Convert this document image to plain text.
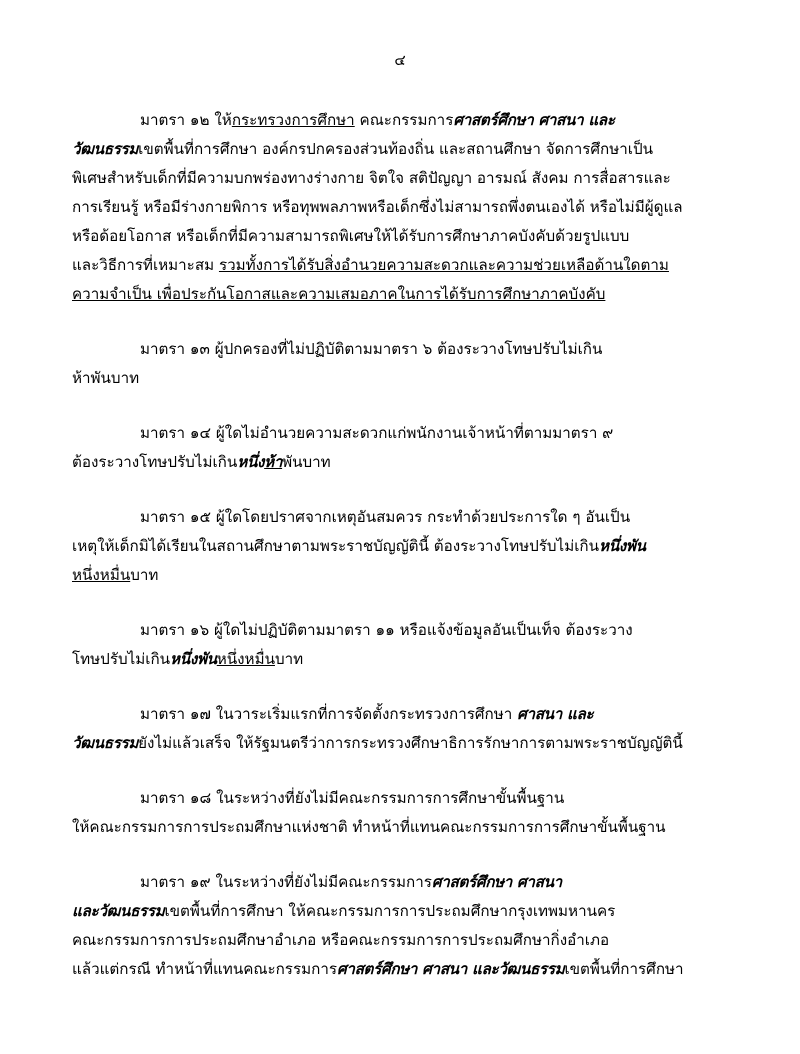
๔
มาตรา ๑๒ ให้กระทรวงการศึกษา คณะกรรมการศาสตร์ศึกษา ศาสนา และ
วัฒนธรรมเขตพื้นที่การศึกษา องค์กรปกครองส่วนท้องถิ่น และสถานศึกษา จัดการศึกษาเป็น
พิเศษสำหรับเด็กที่มีความบกพร่องทางร่างกาย จิตใจ สติปัญญา อารมณ์ สังคม การสื่อสารและ
การเรียนรู้ หรือมีร่างกายพิการ หรือทุพพลภาพหรือเด็กซึ่งไม่สามารถพึ่งตนเองได้ หรือไม่มีผู้ดูแล
หรือด้อยโอกาส หรือเด็กที่มีความสามารถพิเศษให้ได้รับการศึกษาภาคบังคับด้วยรูปแบบ
และวิธีการที่เหมาะสม รวมทั้งการได้รับสิ่งอำนวยความสะดวกและความช่วยเหลือด้านใดตาม
ความจำเป็น เพื่อประกันโอกาสและความเสมอภาคในการได้รับการศึกษาภาคบังคับ
มาตรา ๑๓ ผู้ปกครองที่ไม่ปฏิบัติตามมาตรา ๖ ต้องระวางโทษปรับไม่เกิน
ห้าพันบาท
มาตรา ๑๔ ผู้ใดไม่อำนวยความสะดวกแก่พนักงานเจ้าหน้าที่ตามมาตรา ๙
ต้องระวางโทษปรับไม่เกินหนึ่งห้าพันบาท
มาตรา ๑๕ ผู้ใดโดยปราศจากเหตุอันสมควร กระทำด้วยประการใด ๆ อันเป็น
เหตุให้เด็กมิได้เรียนในสถานศึกษาตามพระราชบัญญัตินี้ ต้องระวางโทษปรับไม่เกินหนึ่งพัน
หนึ่งหมื่นบาท
มาตรา ๑๖ ผู้ใดไม่ปฏิบัติตามมาตรา ๑๑ หรือแจ้งข้อมูลอันเป็นเท็จ ต้องระวาง
โทษปรับไม่เกินหนึ่งพันหนึ่งหมื่นบาท
มาตรา ๑๗ ในวาระเริ่มแรกที่การจัดตั้งกระทรวงการศึกษา ศาสนา และ
วัฒนธรรมยังไม่แล้วเสร็จ ให้รัฐมนตรีว่าการกระทรวงศึกษาธิการรักษาการตามพระราชบัญญัตินี้
มาตรา ๑๘ ในระหว่างที่ยังไม่มีคณะกรรมการการศึกษาขั้นพื้นฐาน
ให้คณะกรรมการการประถมศึกษาแห่งชาติ ทำหน้าที่แทนคณะกรรมการการศึกษาขั้นพื้นฐาน
มาตรา ๑๙ ในระหว่างที่ยังไม่มีคณะกรรมการศาสตร์ศึกษา ศาสนา
และวัฒนธรรมเขตพื้นที่การศึกษา ให้คณะกรรมการการประถมศึกษากรุงเทพมหานคร
คณะกรรมการการประถมศึกษาอำเภอ หรือคณะกรรมการการประถมศึกษากิ่งอำเภอ
แล้วแต่กรณี ทำหน้าที่แทนคณะกรรมการศาสตร์ศึกษา ศาสนา และวัฒนธรรมเขตพื้นที่การศึกษา
